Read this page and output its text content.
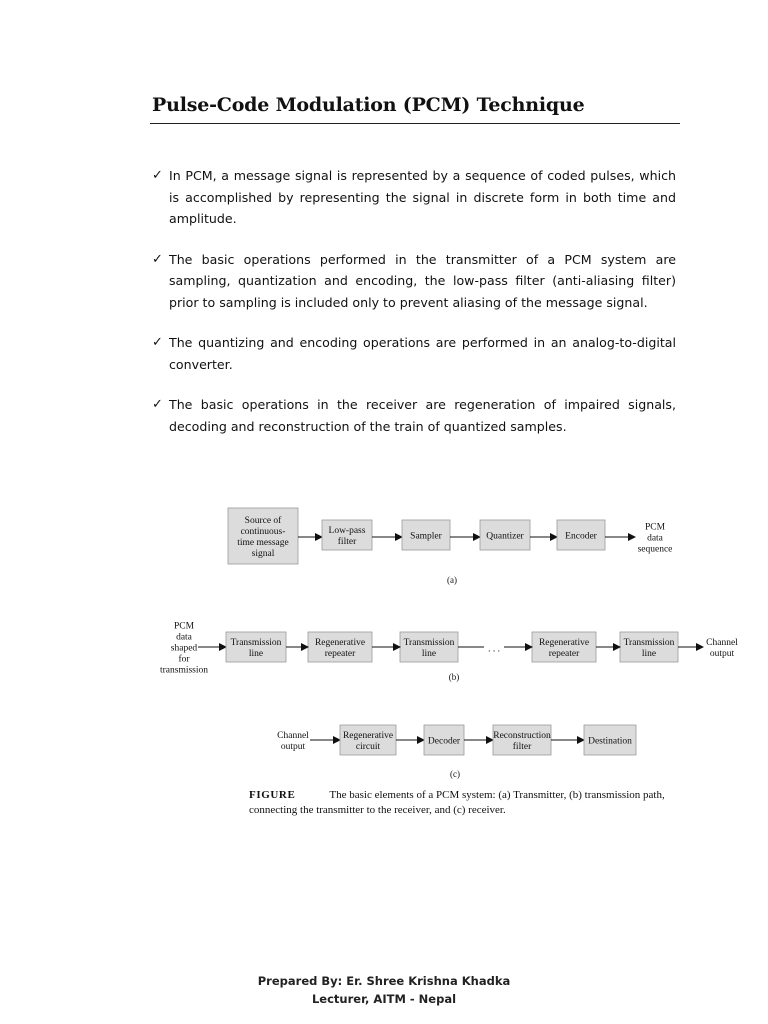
Pulse-Code Modulation (PCM) Technique
✓ In PCM, a message signal is represented by a sequence of coded pulses, which is accomplished by representing the signal in discrete form in both time and amplitude.
✓ The basic operations performed in the transmitter of a PCM system are sampling, quantization and encoding, the low-pass filter (anti-aliasing filter) prior to sampling is included only to prevent aliasing of the message signal.
✓ The quantizing and encoding operations are performed in an analog-to-digital converter.
✓ The basic operations in the receiver are regeneration of impaired signals, decoding and reconstruction of the train of quantized samples.
Source of continuous-time message signal
Low-pass filter
Sampler	Quantizer	Encoder
PCM data sequence
(a)
PCM data shaped for transmission
Transmission line
Regenerative repeater
Transmission line
Regenerative repeater
Transmission line
. . .
Channel output
(b)
Channel output
Regenerative circuit
Decoder
Reconstruction filter
Destination
(c)
FIGURE	The basic elements of a PCM system: (a) Transmitter, (b) transmission path, connecting the transmitter to the receiver, and (c) receiver.
Prepared By: Er. Shree Krishna Khadka
Lecturer, AITM - Nepal
